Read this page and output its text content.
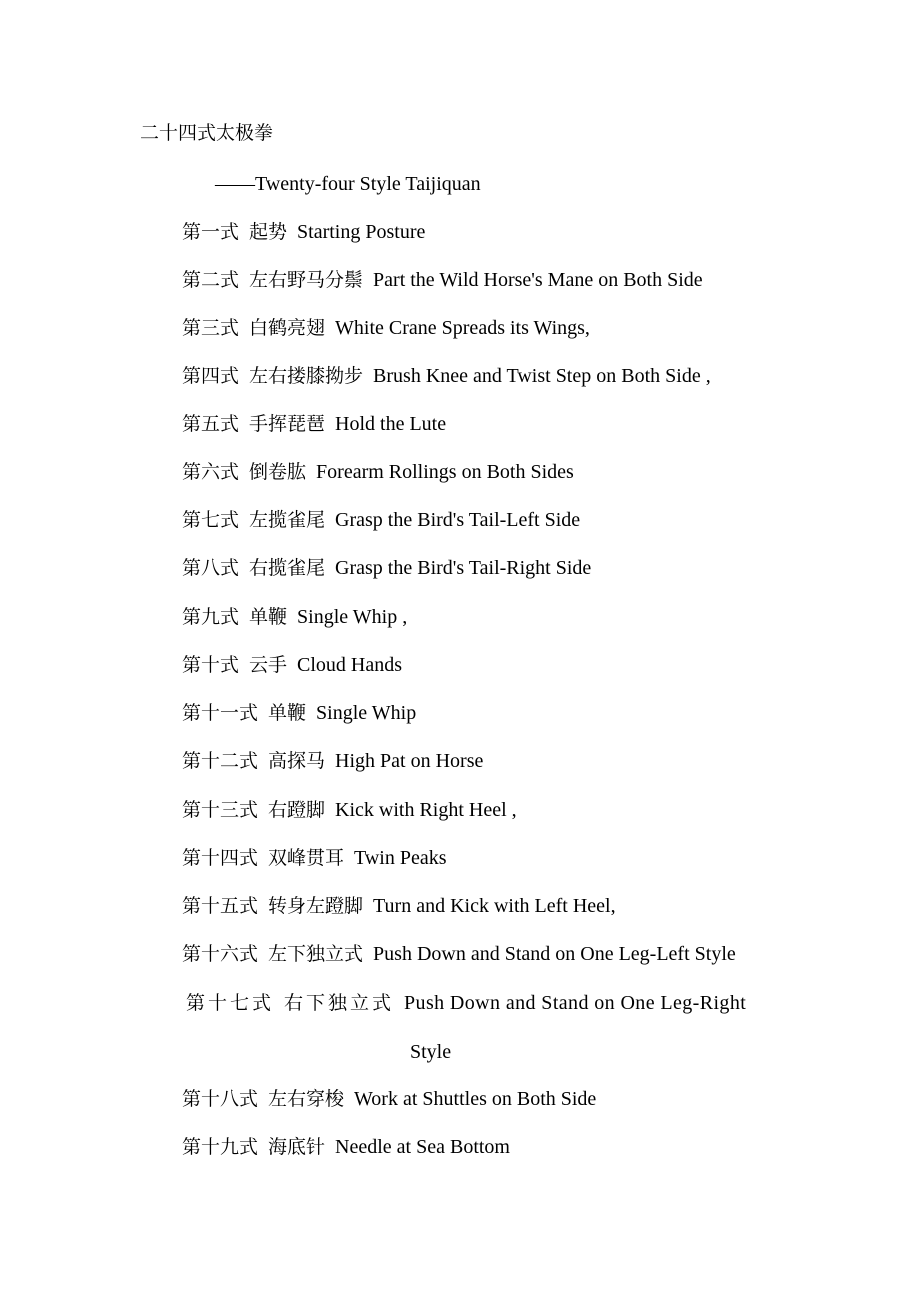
二十四式太极拳
——Twenty-four Style Taijiquan
第一式 起势 Starting Posture
第二式 左右野马分鬃 Part the Wild Horse's Mane on Both Side
第三式 白鹤亮翅 White Crane Spreads its Wings,
第四式 左右搂膝拗步 Brush Knee and Twist Step on Both Side ,
第五式 手挥琵琶 Hold the Lute
第六式 倒卷肱 Forearm Rollings on Both Sides
第七式 左揽雀尾 Grasp the Bird's Tail-Left Side
第八式 右揽雀尾 Grasp the Bird's Tail-Right Side
第九式 单鞭 Single Whip ,
第十式 云手 Cloud Hands
第十一式 单鞭 Single Whip
第十二式 高探马 High Pat on Horse
第十三式 右蹬脚 Kick with Right Heel ,
第十四式 双峰贯耳 Twin Peaks
第十五式 转身左蹬脚 Turn and Kick with Left Heel,
第十六式 左下独立式 Push Down and Stand on One Leg-Left Style
第十七式 右下独立式 Push Down and Stand on One Leg-Right
Style
第十八式 左右穿梭 Work at Shuttles on Both Side
第十九式 海底针 Needle at Sea Bottom
